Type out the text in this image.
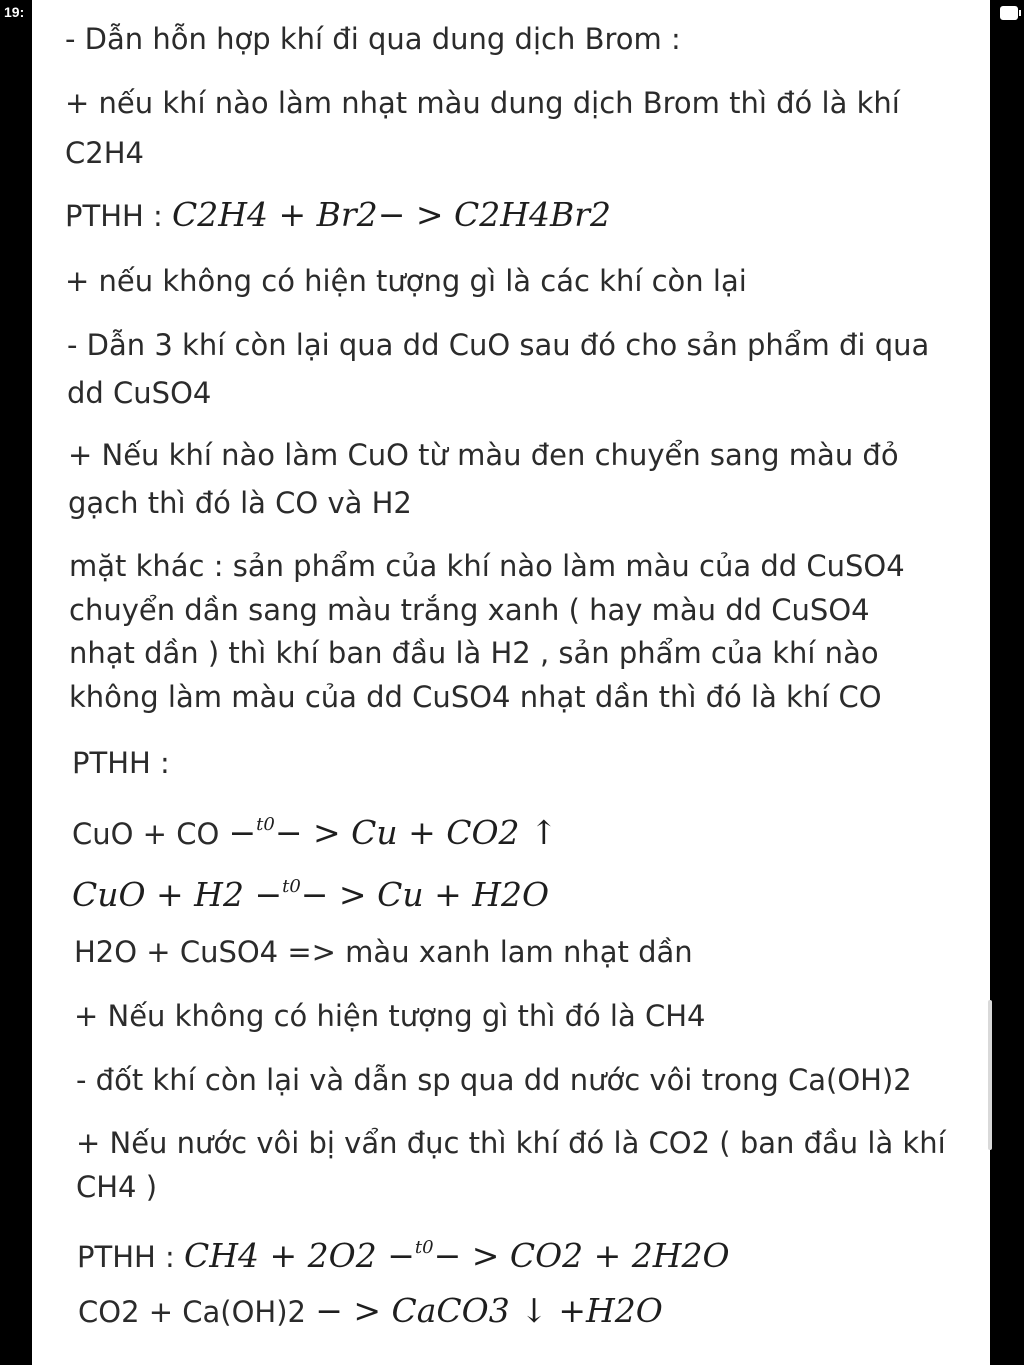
19:
- Dẫn hỗn hợp khí đi qua dung dịch Brom :
+ nếu khí nào làm nhạt màu dung dịch Brom thì đó là khí
C2H4
PTHH : C2H4 + Br2− > C2H4Br2
+ nếu không có hiện tượng gì là các khí còn lại
- Dẫn 3 khí còn lại qua dd CuO sau đó cho sản phẩm đi qua
dd CuSO4
+ Nếu khí nào làm CuO từ màu đen chuyển sang màu đỏ
gạch thì đó là CO và H2
mặt khác : sản phẩm của khí nào làm màu của dd CuSO4
chuyển dần sang màu trắng xanh ( hay màu dd CuSO4
nhạt dần ) thì khí ban đầu là H2 , sản phẩm của khí nào
không làm màu của dd CuSO4 nhạt dần thì đó là khí CO
PTHH :
CuO + CO −$^{t0}$− > Cu + CO2 ↑
CuO + H2 −$^{t0}$− > Cu + H2O
H2O + CuSO4 => màu xanh lam nhạt dần
+ Nếu không có hiện tượng gì thì đó là CH4
- đốt khí còn lại và dẫn sp qua dd nước vôi trong Ca(OH)2
+ Nếu nước vôi bị vẩn đục thì khí đó là CO2 ( ban đầu là khí
CH4 )
PTHH : CH4 + 2O2 −$^{t0}$− > CO2 + 2H2O
CO2 + Ca(OH)2 − > CaCO3 ↓ +H2O
